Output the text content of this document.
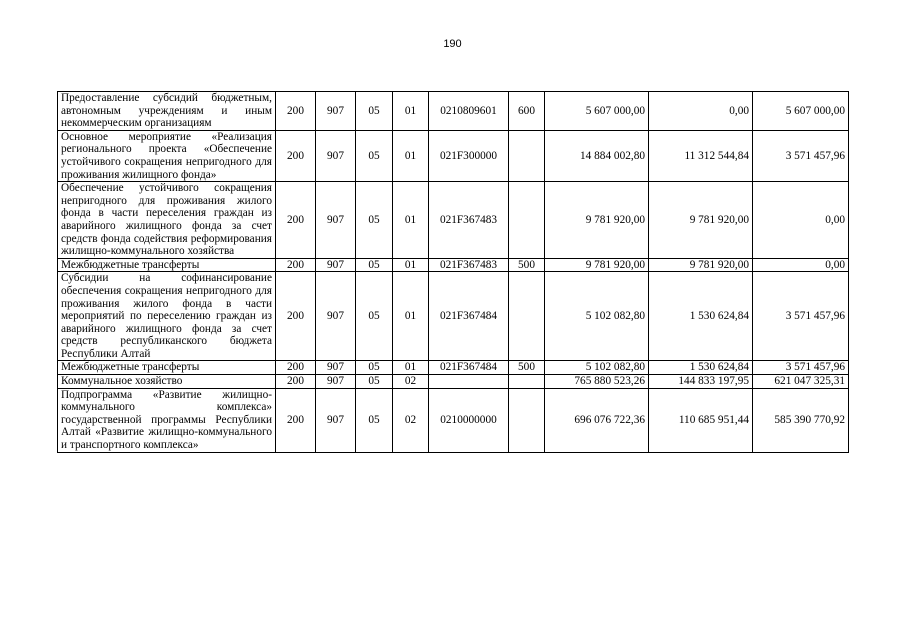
190
Предоставление субсидий бюджетным, автономным учреждениям и иным некоммерческим организациям	200	907	05	01	0210809601	600	5 607 000,00	0,00	5 607 000,00
Основное мероприятие «Реализация регионального проекта «Обеспечение устойчивого сокращения непригодного для проживания жилищного фонда»	200	907	05	01	021F300000		14 884 002,80	11 312 544,84	3 571 457,96
Обеспечение устойчивого сокращения непригодного для проживания жилого фонда в части переселения граждан из аварийного жилищного фонда за счет средств фонда содействия реформирования жилищно-коммунального хозяйства	200	907	05	01	021F367483		9 781 920,00	9 781 920,00	0,00
Межбюджетные трансферты	200	907	05	01	021F367483	500	9 781 920,00	9 781 920,00	0,00
Субсидии на софинансирование обеспечения сокращения непригодного для проживания жилого фонда в части мероприятий по переселению граждан из аварийного жилищного фонда за счет средств республиканского бюджета Республики Алтай	200	907	05	01	021F367484		5 102 082,80	1 530 624,84	3 571 457,96
Межбюджетные трансферты	200	907	05	01	021F367484	500	5 102 082,80	1 530 624,84	3 571 457,96
Коммунальное хозяйство	200	907	05	02			765 880 523,26	144 833 197,95	621 047 325,31
Подпрограмма «Развитие жилищно-коммунального комплекса» государственной программы Республики Алтай «Развитие жилищно-коммунального и транспортного комплекса»	200	907	05	02	0210000000		696 076 722,36	110 685 951,44	585 390 770,92
